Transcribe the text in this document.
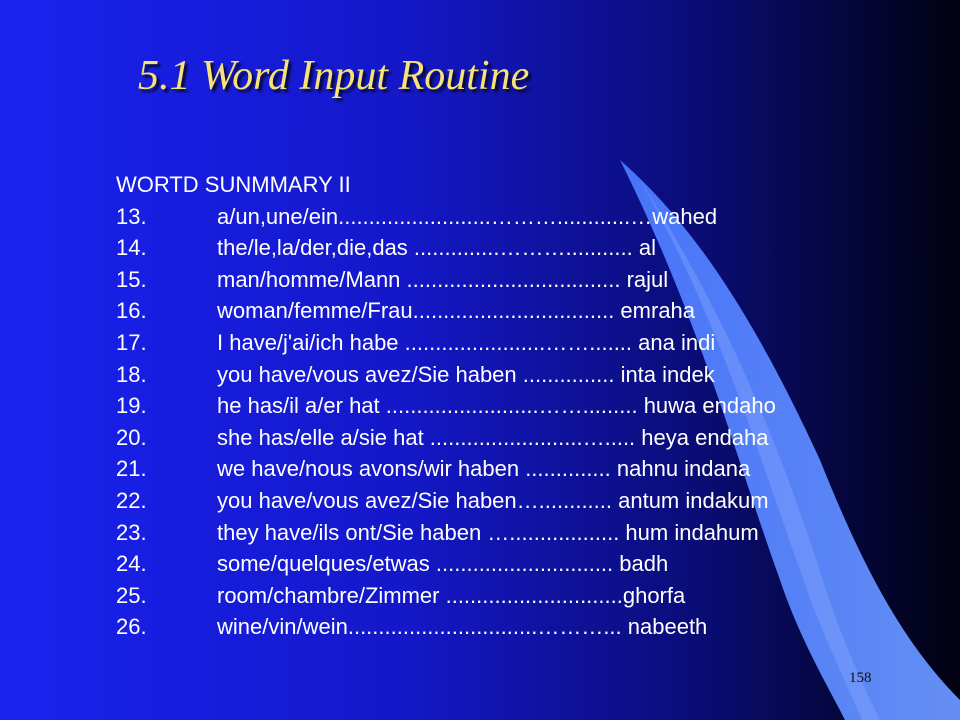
5.1 Word Input Routine
WORTD SUNMMARY II
13.	a/un,une/ein.........................………............…wahed
14.	the/le,la/der,die,das ..............………........... al
15.	man/homme/Mann ................................... rajul
16.	woman/femme/Frau................................. emraha
17.	I have/j'ai/ich habe .......................……....... ana indi
18.	you have/vous avez/Sie haben ............... inta indek
19.	he has/il a/er hat .........................……......... huwa endaho
20.	she has/elle a/sie hat .........................…..... heya endaha
21.	we have/nous avons/wir haben .............. nahnu indana
22.	you have/vous avez/Sie haben…............ antum indakum
23.	they have/ils ont/Sie haben ….................. hum indahum
24.	some/quelques/etwas ............................. badh
25.	room/chambre/Zimmer .............................ghorfa
26.	wine/vin/wein...............................………... nabeeth
158
